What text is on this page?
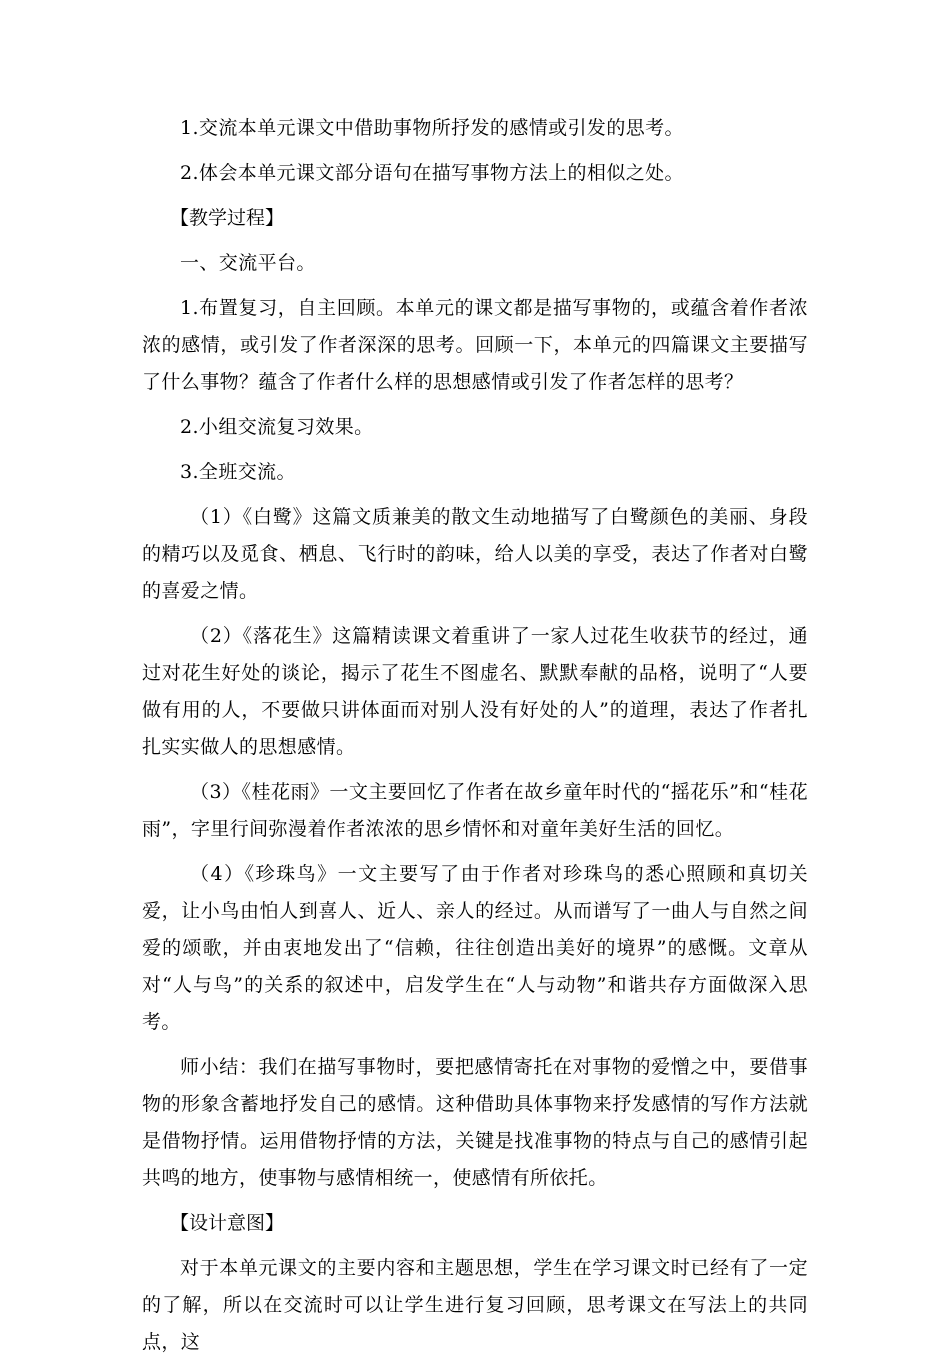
1.交流本单元课文中借助事物所抒发的感情或引发的思考。

2.体会本单元课文部分语句在描写事物方法上的相似之处。

【教学过程】

一、交流平台。

1.布置复习，自主回顾。本单元的课文都是描写事物的，或蕴含着作者浓浓的感情，或引发了作者深深的思考。回顾一下，本单元的四篇课文主要描写了什么事物？蕴含了作者什么样的思想感情或引发了作者怎样的思考？

2.小组交流复习效果。

3.全班交流。

（1）《白鹭》这篇文质兼美的散文生动地描写了白鹭颜色的美丽、身段的精巧以及觅食、栖息、飞行时的韵味，给人以美的享受，表达了作者对白鹭的喜爱之情。

（2）《落花生》这篇精读课文着重讲了一家人过花生收获节的经过，通过对花生好处的谈论，揭示了花生不图虚名、默默奉献的品格，说明了“人要做有用的人，不要做只讲体面而对别人没有好处的人”的道理，表达了作者扎扎实实做人的思想感情。

（3）《桂花雨》一文主要回忆了作者在故乡童年时代的“摇花乐”和“桂花雨”，字里行间弥漫着作者浓浓的思乡情怀和对童年美好生活的回忆。

（4）《珍珠鸟》一文主要写了由于作者对珍珠鸟的悉心照顾和真切关爱，让小鸟由怕人到喜人、近人、亲人的经过。从而谱写了一曲人与自然之间爱的颂歌，并由衷地发出了“信赖，往往创造出美好的境界”的感慨。文章从对“人与鸟”的关系的叙述中，启发学生在“人与动物”和谐共存方面做深入思考。

师小结：我们在描写事物时，要把感情寄托在对事物的爱憎之中，要借事物的形象含蓄地抒发自己的感情。这种借助具体事物来抒发感情的写作方法就是借物抒情。运用借物抒情的方法，关键是找准事物的特点与自己的感情引起共鸣的地方，使事物与感情相统一，使感情有所依托。

【设计意图】

对于本单元课文的主要内容和主题思想，学生在学习课文时已经有了一定的了解，所以在交流时可以让学生进行复习回顾，思考课文在写法上的共同点，这
